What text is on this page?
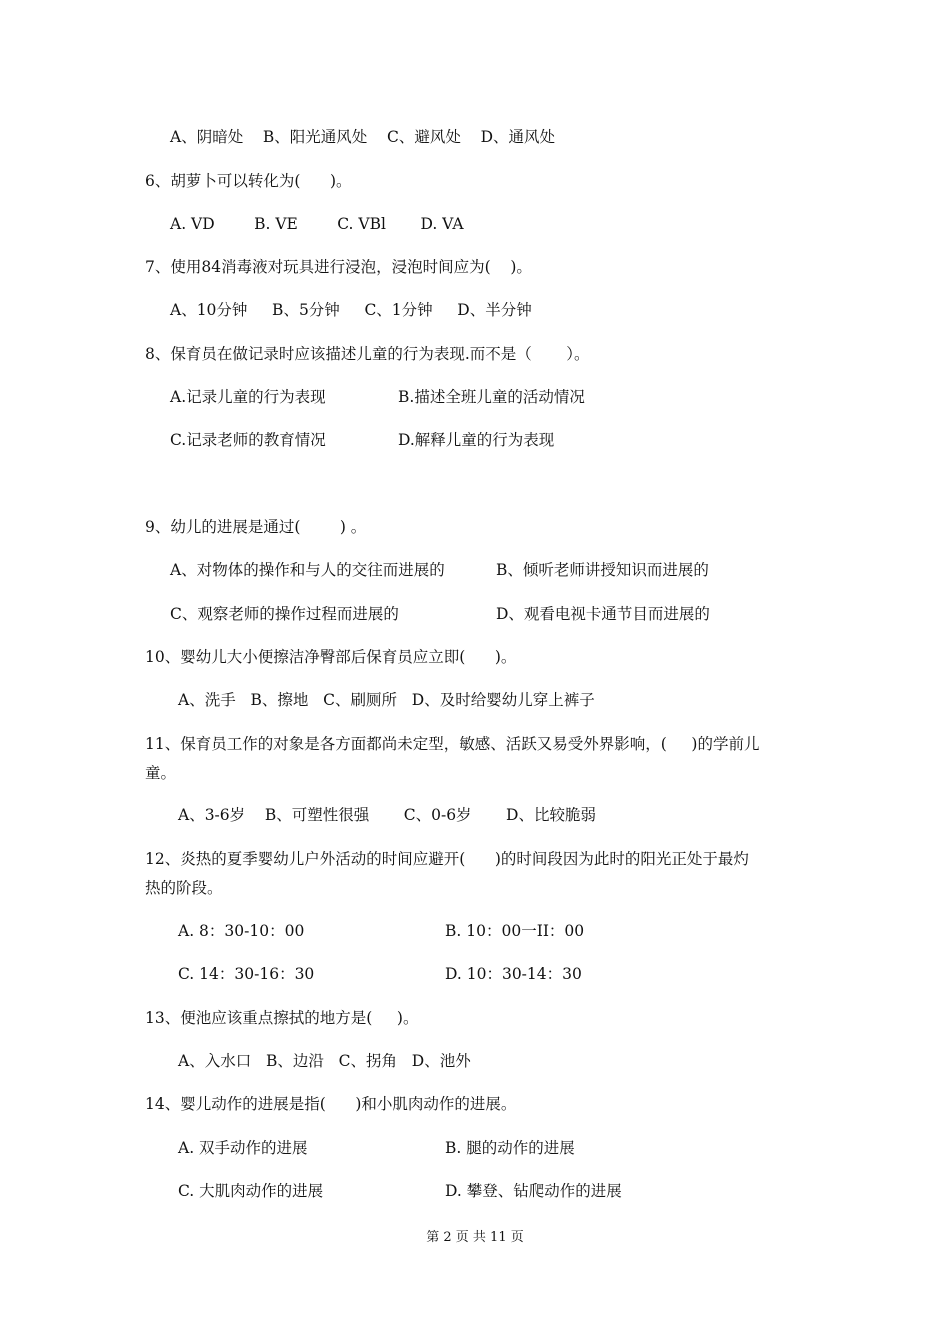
A、阴暗处    B、阳光通风处    C、避风处    D、通风处
6、胡萝卜可以转化为(      )。
A. VD        B. VE        C. VBl       D. VA
7、使用84消毒液对玩具进行浸泡，浸泡时间应为(    )。
A、10分钟     B、5分钟     C、1分钟     D、半分钟
8、保育员在做记录时应该描述儿童的行为表现.而不是（       ）。
A.记录儿童的行为表现	B.描述全班儿童的活动情况
C.记录老师的教育情况	D.解释儿童的行为表现
9、幼儿的进展是通过(        ) 。
A、对物体的操作和与人的交往而进展的	B、倾听老师讲授知识而进展的
C、观察老师的操作过程而进展的	D、观看电视卡通节目而进展的
10、婴幼儿大小便擦洁净臀部后保育员应立即(      )。
A、洗手   B、擦地   C、刷厕所   D、及时给婴幼儿穿上裤子
11、保育员工作的对象是各方面都尚未定型，敏感、活跃又易受外界影响，(     )的学前儿
童。
A、3-6岁    B、可塑性很强       C、0-6岁       D、比较脆弱
12、炎热的夏季婴幼儿户外活动的时间应避开(      )的时间段因为此时的阳光正处于最灼
热的阶段。
A. 8：30-10：00	B. 10：00一II：00
C. 14：30-16：30	D. 10：30-14：30
13、便池应该重点擦拭的地方是(     )。
A、入水口   B、边沿   C、拐角   D、池外
14、婴儿动作的进展是指(      )和小肌肉动作的进展。
A. 双手动作的进展	B. 腿的动作的进展
C. 大肌肉动作的进展	D. 攀登、钻爬动作的进展
第 2 页 共 11 页
